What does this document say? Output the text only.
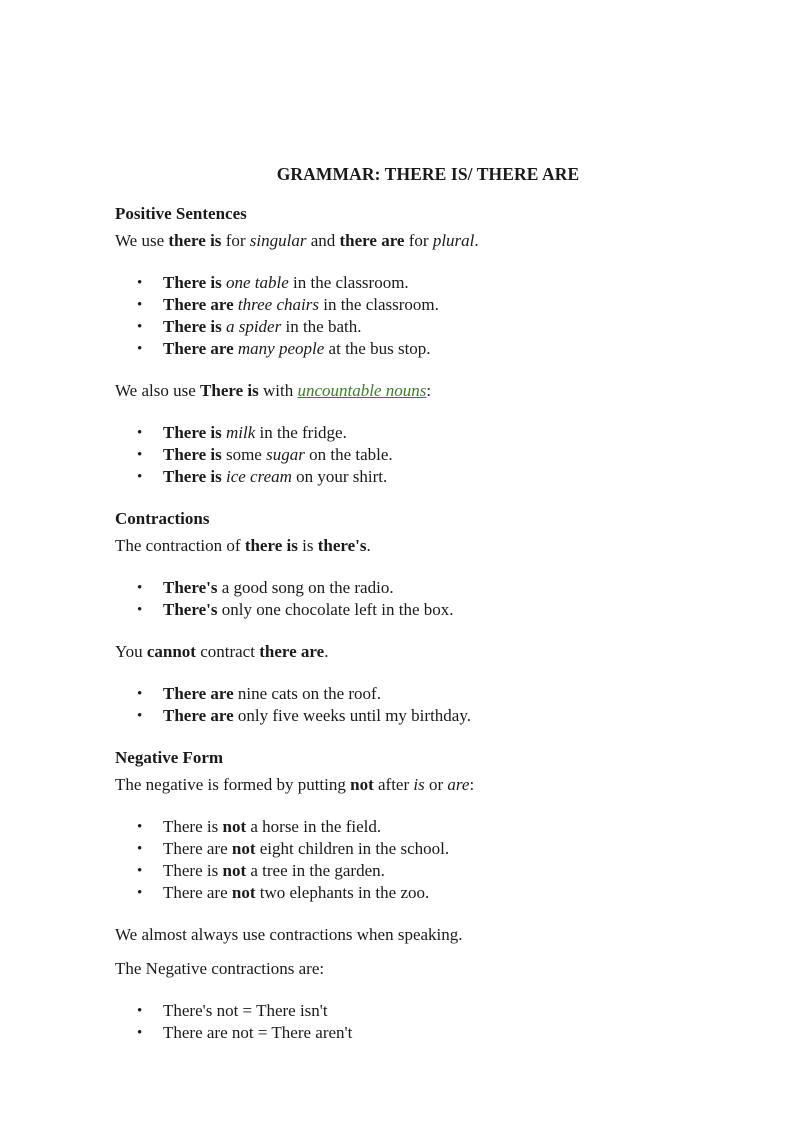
GRAMMAR: THERE IS/ THERE ARE
Positive Sentences

We use there is for singular and there are for plural.

• There is one table in the classroom.
• There are three chairs in the classroom.
• There is a spider in the bath.
• There are many people at the bus stop.

We also use There is with uncountable nouns:

• There is milk in the fridge.
• There is some sugar on the table.
• There is ice cream on your shirt.
Contractions

The contraction of there is is there's.

• There's a good song on the radio.
• There's only one chocolate left in the box.

You cannot contract there are.

• There are nine cats on the roof.
• There are only five weeks until my birthday.
Negative Form

The negative is formed by putting not after is or are:

• There is not a horse in the field.
• There are not eight children in the school.
• There is not a tree in the garden.
• There are not two elephants in the zoo.

We almost always use contractions when speaking.

The Negative contractions are:

• There's not = There isn't
• There are not = There aren't
